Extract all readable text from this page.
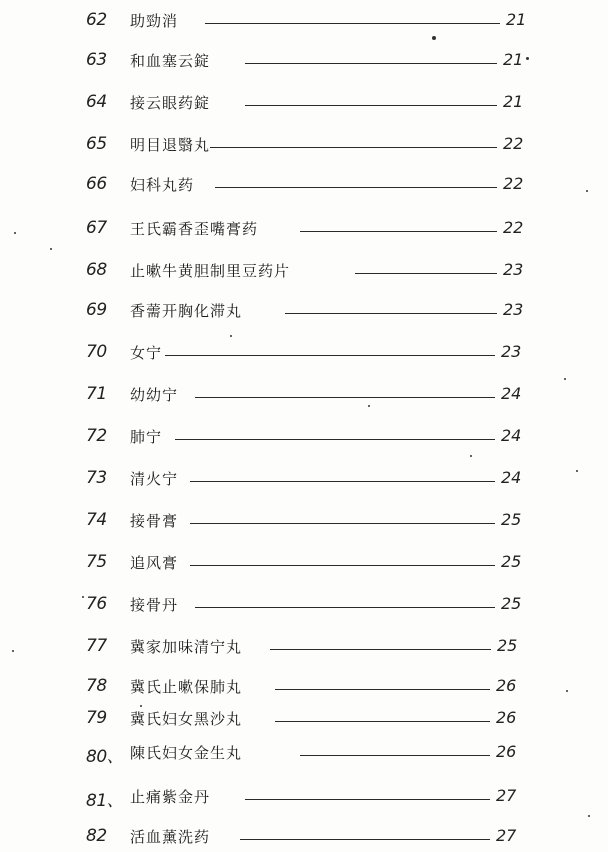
62 助勁消	21
63 和血塞云錠	21
64 接云眼药錠	21
65 明目退翳丸	22
66 妇科丸药	22
67 王氏霸香歪嘴膏药	22
68 止嗽牛黄胆制里豆药片	23
69 香薷开胸化滞丸	23
70 女宁	23
71 幼幼宁	24
72 肺宁	24
73 清火宁	24
74 接骨膏	25
75 追风膏	25
76 接骨丹	25
77 冀家加味清宁丸	25
78 冀氏止嗽保肺丸	26
79 冀氏妇女黑沙丸	26
80、 陳氏妇女金生丸	26
81、 止痛紫金丹	27
82 活血薰洗药	27
